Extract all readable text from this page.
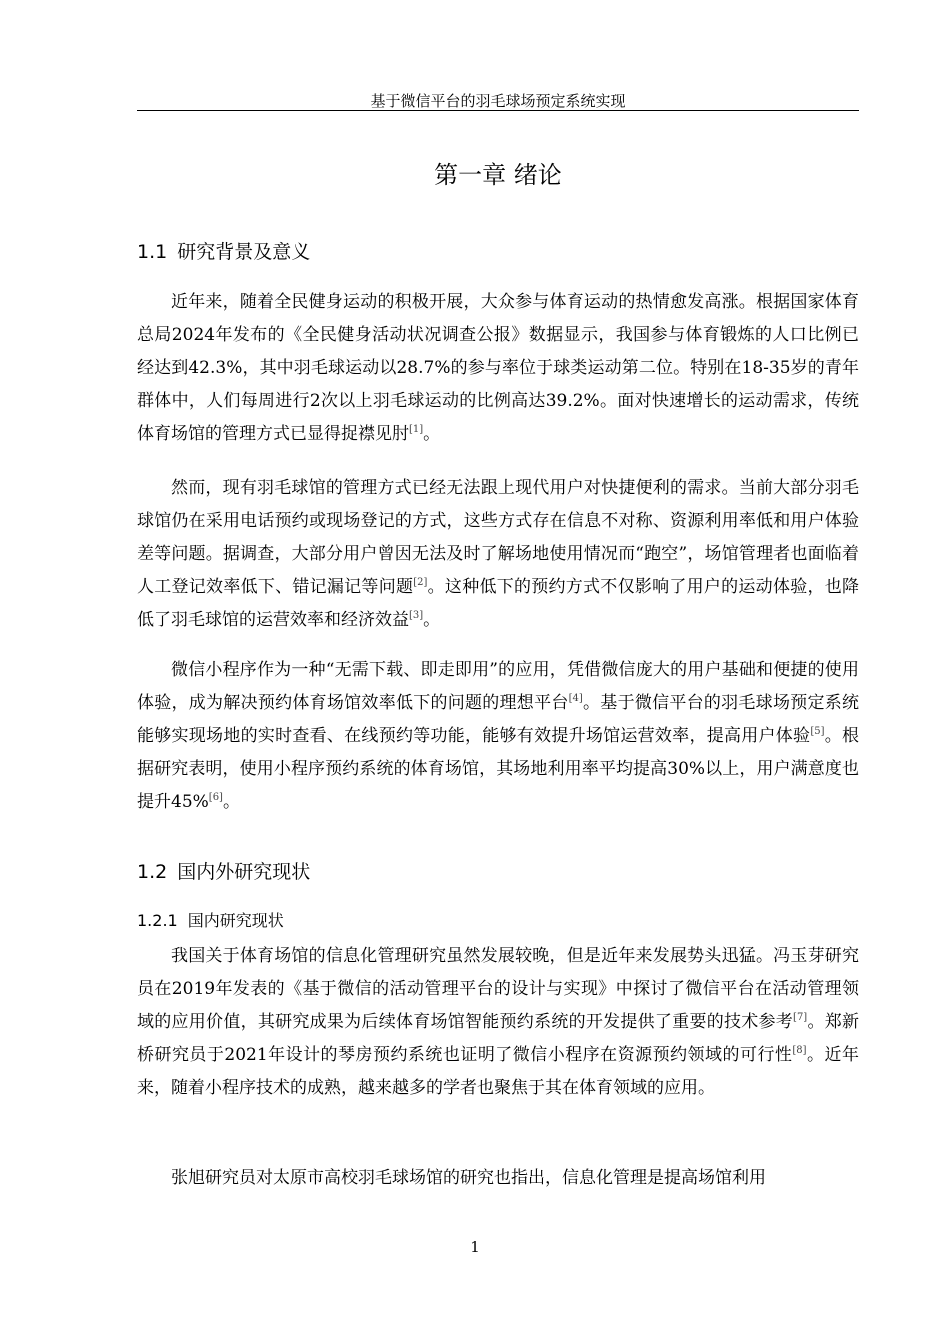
基于微信平台的羽毛球场预定系统实现
第一章 绪论
1.1 研究背景及意义

近年来，随着全民健身运动的积极开展，大众参与体育运动的热情愈发高涨。根据国家体育总局2024年发布的《全民健身活动状况调查公报》数据显示，我国参与体育锻炼的人口比例已经达到42.3%，其中羽毛球运动以28.7%的参与率位于球类运动第二位。特别在18-35岁的青年群体中，人们每周进行2次以上羽毛球运动的比例高达39.2%。面对快速增长的运动需求，传统体育场馆的管理方式已显得捉襟见肘[1]。

然而，现有羽毛球馆的管理方式已经无法跟上现代用户对快捷便利的需求。当前大部分羽毛球馆仍在采用电话预约或现场登记的方式，这些方式存在信息不对称、资源利用率低和用户体验差等问题。据调查，大部分用户曾因无法及时了解场地使用情况而“跑空”，场馆管理者也面临着人工登记效率低下、错记漏记等问题[2]。这种低下的预约方式不仅影响了用户的运动体验，也降低了羽毛球馆的运营效率和经济效益[3]。

微信小程序作为一种“无需下载、即走即用”的应用，凭借微信庞大的用户基础和便捷的使用体验，成为解决预约体育场馆效率低下的问题的理想平台[4]。基于微信平台的羽毛球场预定系统能够实现场地的实时查看、在线预约等功能，能够有效提升场馆运营效率，提高用户体验[5]。根据研究表明，使用小程序预约系统的体育场馆，其场地利用率平均提高30%以上，用户满意度也提升45%[6]。

1.2 国内外研究现状
1.2.1 国内研究现状

我国关于体育场馆的信息化管理研究虽然发展较晚，但是近年来发展势头迅猛。冯玉芽研究员在2019年发表的《基于微信的活动管理平台的设计与实现》中探讨了微信平台在活动管理领域的应用价值，其研究成果为后续体育场馆智能预约系统的开发提供了重要的技术参考[7]。郑新桥研究员于2021年设计的琴房预约系统也证明了微信小程序在资源预约领域的可行性[8]。近年来，随着小程序技术的成熟，越来越多的学者也聚焦于其在体育领域的应用。

张旭研究员对太原市高校羽毛球场馆的研究也指出，信息化管理是提高场馆利用

1
